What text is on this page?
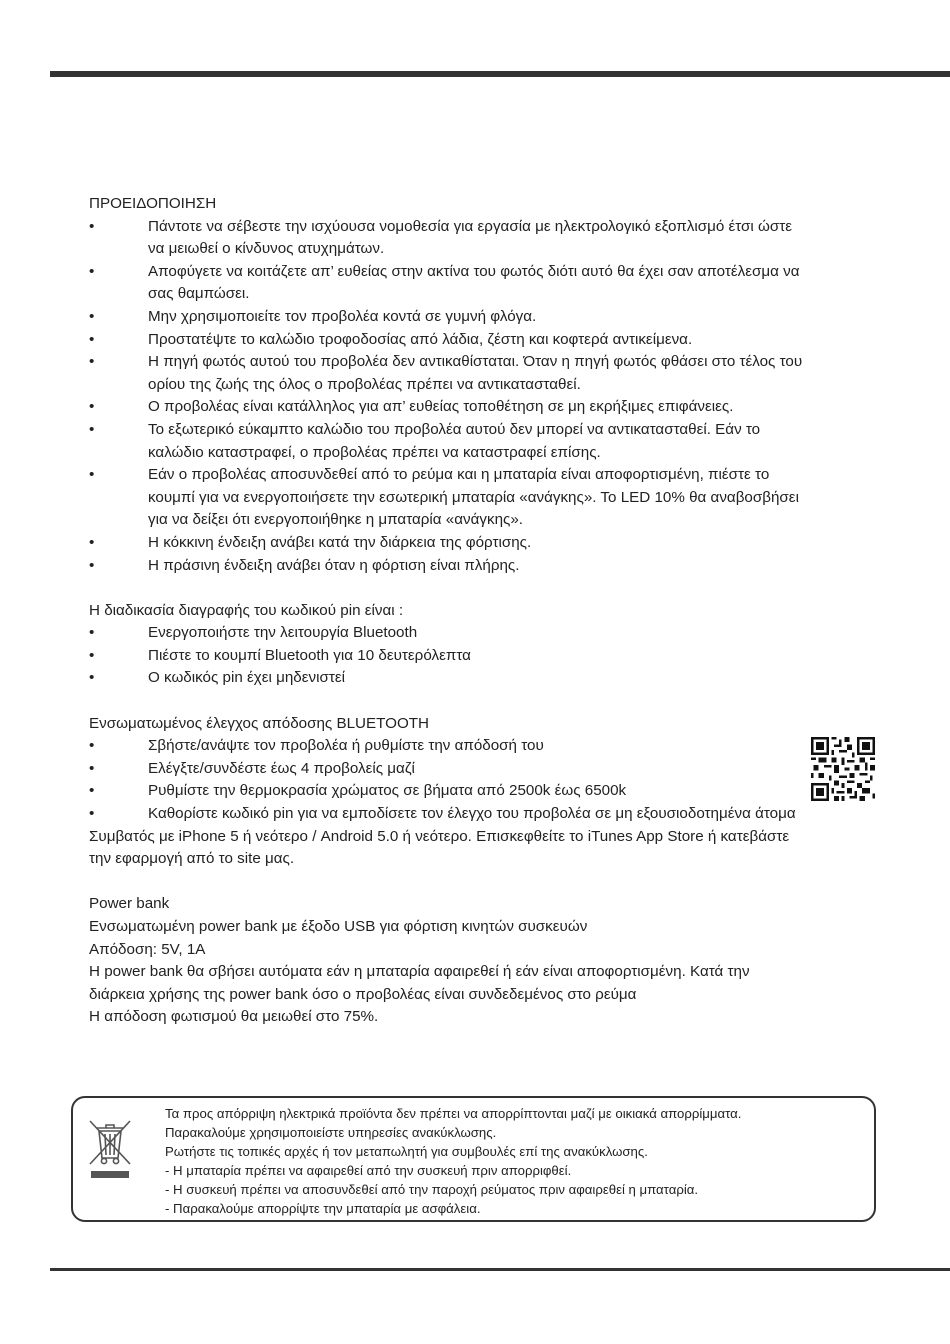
ΠΡΟΕΙΔΟΠΟΙΗΣΗ
•	Πάντοτε να σέβεστε την ισχύουσα νομοθεσία για εργασία με ηλεκτρολογικό εξοπλισμό έτσι ώστε
να μειωθεί ο κίνδυνος ατυχημάτων.
•	Αποφύγετε να κοιτάζετε απ’ ευθείας στην ακτίνα του φωτός διότι αυτό θα έχει σαν αποτέλεσμα να
σας θαμπώσει.
•	Μην χρησιμοποιείτε τον προβολέα κοντά σε γυμνή φλόγα.
•	Προστατέψτε το καλώδιο τροφοδοσίας από λάδια, ζέστη και κοφτερά αντικείμενα.
•	Η πηγή φωτός αυτού του προβολέα δεν αντικαθίσταται. Όταν η πηγή φωτός φθάσει στο τέλος του
ορίου της ζωής της όλος ο προβολέας πρέπει να αντικατασταθεί.
•	Ο προβολέας είναι κατάλληλος για απ’ ευθείας τοποθέτηση σε μη εκρήξιμες επιφάνειες.
•	Το εξωτερικό εύκαμπτο καλώδιο του προβολέα αυτού δεν μπορεί να αντικατασταθεί. Εάν το
καλώδιο καταστραφεί, ο προβολέας πρέπει να καταστραφεί επίσης.
•	Εάν ο προβολέας αποσυνδεθεί από το ρεύμα και η μπαταρία είναι αποφορτισμένη, πιέστε το
κουμπί για να ενεργοποιήσετε την εσωτερική μπαταρία «ανάγκης». Το LED 10% θα αναβοσβήσει
για να δείξει ότι ενεργοποιήθηκε η μπαταρία «ανάγκης».
•	Η κόκκινη ένδειξη ανάβει κατά την διάρκεια της φόρτισης.
•	Η πράσινη ένδειξη ανάβει όταν η φόρτιση είναι πλήρης.
Η διαδικασία διαγραφής του κωδικού pin είναι :
•	Ενεργοποιήστε την λειτουργία Bluetooth
•	Πιέστε το κουμπί Bluetooth για 10 δευτερόλεπτα
•	Ο κωδικός pin έχει μηδενιστεί
Ενσωματωμένος έλεγχος απόδοσης BLUETOOTH
•	Σβήστε/ανάψτε τον προβολέα ή ρυθμίστε την απόδοσή του
•	Ελέγξτε/συνδέστε έως 4 προβολείς μαζί
•	Ρυθμίστε την θερμοκρασία χρώματος σε βήματα από 2500k έως 6500k
•	Καθορίστε κωδικό pin για να εμποδίσετε τον έλεγχο του προβολέα σε μη εξουσιοδοτημένα άτομα
Συμβατός με iPhone 5 ή νεότερο / Android 5.0 ή νεότερο. Επισκεφθείτε το iTunes App Store ή κατεβάστε
την εφαρμογή από το site μας.
Power bank
Ενσωματωμένη power bank με έξοδο USB για φόρτιση κινητών συσκευών
Απόδοση: 5V, 1A
Η power bank θα σβήσει αυτόματα εάν η μπαταρία αφαιρεθεί ή εάν είναι αποφορτισμένη. Κατά την
διάρκεια χρήσης της power bank όσο ο προβολέας είναι συνδεδεμένος στο ρεύμα
Η απόδοση φωτισμού θα μειωθεί στο 75%.
Τα προς απόρριψη ηλεκτρικά προϊόντα δεν πρέπει να απορρίπτονται μαζί με οικιακά απορρίμματα.
Παρακαλούμε χρησιμοποιείστε υπηρεσίες ανακύκλωσης.
Ρωτήστε τις τοπικές αρχές ή τον μεταπωλητή για συμβουλές επί της ανακύκλωσης.
- Η μπαταρία πρέπει να αφαιρεθεί από την συσκευή πριν απορριφθεί.
- Η συσκευή πρέπει να αποσυνδεθεί από την παροχή ρεύματος πριν αφαιρεθεί η μπαταρία.
- Παρακαλούμε απορρίψτε την μπαταρία με ασφάλεια.
